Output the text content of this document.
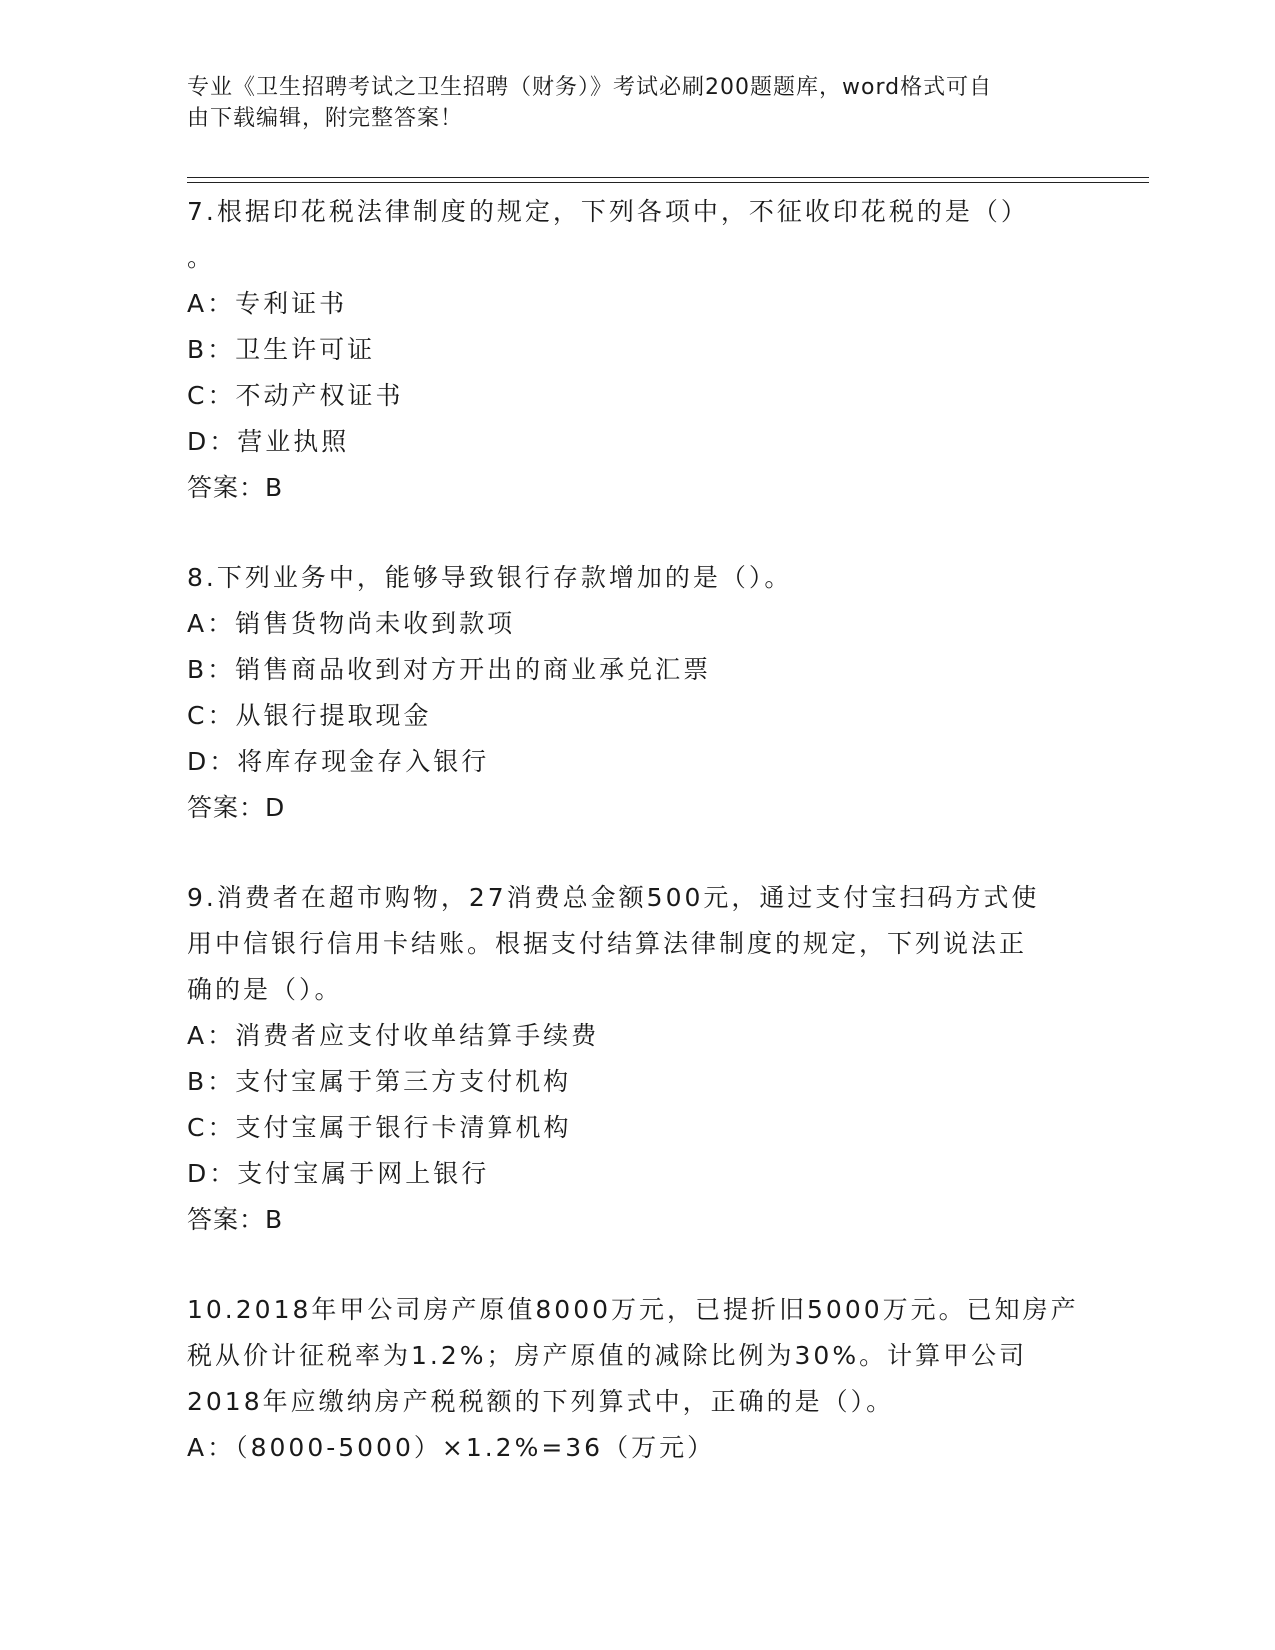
专业《卫生招聘考试之卫生招聘（财务）》考试必刷200题题库，word格式可自
由下载编辑，附完整答案！

7.根据印花税法律制度的规定，下列各项中，不征收印花税的是（）

。

A：专利证书

B：卫生许可证

C：不动产权证书

D：营业执照

答案：B

8.下列业务中，能够导致银行存款增加的是（）。

A：销售货物尚未收到款项

B：销售商品收到对方开出的商业承兑汇票

C：从银行提取现金

D：将库存现金存入银行

答案：D

9.消费者在超市购物，27消费总金额500元，通过支付宝扫码方式使

用中信银行信用卡结账。根据支付结算法律制度的规定，下列说法正

确的是（）。

A：消费者应支付收单结算手续费

B：支付宝属于第三方支付机构

C：支付宝属于银行卡清算机构

D：支付宝属于网上银行

答案：B

10.2018年甲公司房产原值8000万元，已提折旧5000万元。已知房产

税从价计征税率为1.2%；房产原值的减除比例为30%。计算甲公司

2018年应缴纳房产税税额的下列算式中，正确的是（）。

A：（8000-5000）×1.2%=36（万元）
